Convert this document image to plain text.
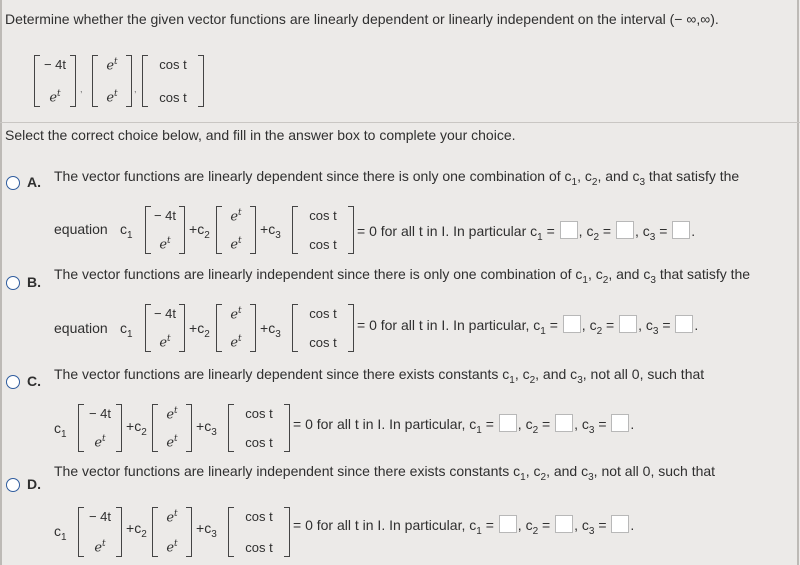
Determine whether the given vector functions are linearly dependent or linearly independent on the interval (− ∞,∞).
− 4t
$e^t$	,
$e^t$
$e^t$	,
cos t
cos t
Select the correct choice below, and fill in the answer box to complete your choice.
A. The vector functions are linearly dependent since there is only one combination of $c_1$, $c_2$, and $c_3$ that satisfy the
equation $c_1$
− 4t
$e^t$
$+c_2$
$e^t$
$e^t$
$+c_3$
cos t
cos t
= 0 for all t in I. In particular $c_1$ = , $c_2$ = , $c_3$ = .
B. The vector functions are linearly independent since there is only one combination of $c_1$, $c_2$, and $c_3$ that satisfy the
equation $c_1$
− 4t
$e^t$
$+c_2$
$e^t$
$e^t$
$+c_3$
cos t
cos t
= 0 for all t in I. In particular, $c_1$ = , $c_2$ = , $c_3$ = .
C. The vector functions are linearly dependent since there exists constants $c_1$, $c_2$, and $c_3$, not all 0, such that
$c_1$
− 4t
$e^t$
$+c_2$
$e^t$
$e^t$
$+c_3$
cos t
cos t
= 0 for all t in I. In particular, $c_1$ = , $c_2$ = , $c_3$ = .
D.
The vector functions are linearly independent since there exists constants $c_1$, $c_2$, and $c_3$, not all 0, such that
$c_1$
− 4t
$e^t$
$+c_2$
$e^t$
$e^t$
$+c_3$
cos t
cos t
= 0 for all t in I. In particular, $c_1$ = , $c_2$ = , $c_3$ = .
